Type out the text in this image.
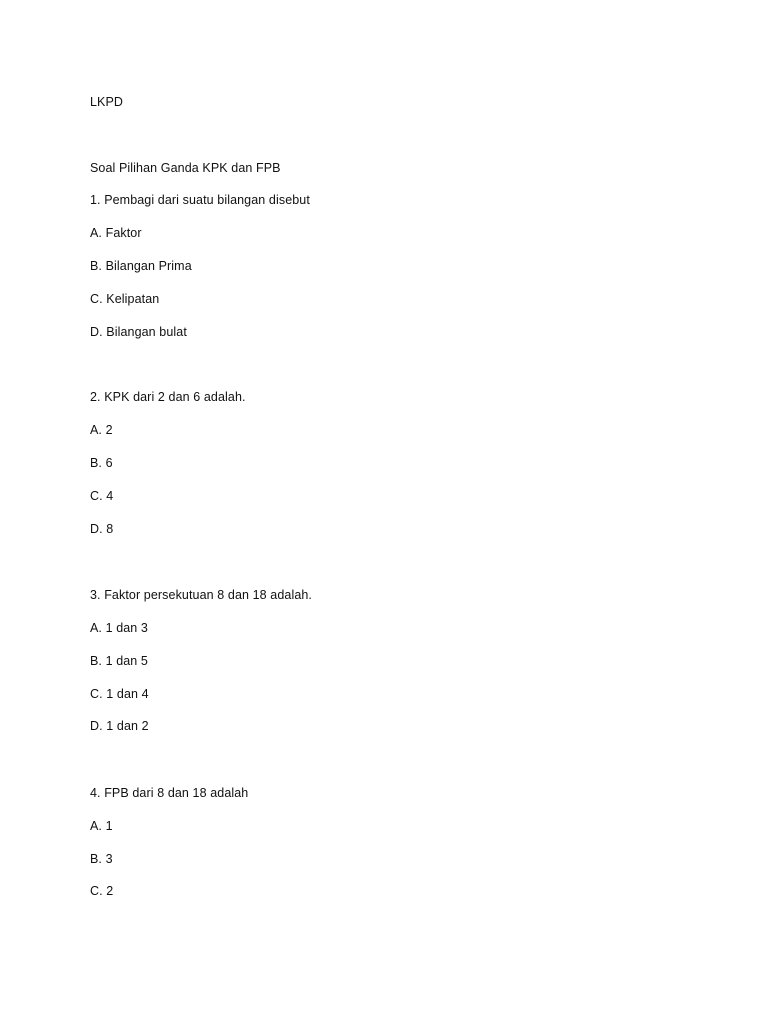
LKPD
Soal Pilihan Ganda KPK dan FPB
1. Pembagi dari suatu bilangan disebut
A. Faktor
B. Bilangan Prima
C. Kelipatan
D. Bilangan bulat
2. KPK dari 2 dan 6 adalah.
A. 2
B. 6
C. 4
D. 8
3. Faktor persekutuan 8 dan 18 adalah.
A. 1 dan 3
B. 1 dan 5
C. 1 dan 4
D. 1 dan 2
4. FPB dari 8 dan 18 adalah
A. 1
B. 3
C. 2
